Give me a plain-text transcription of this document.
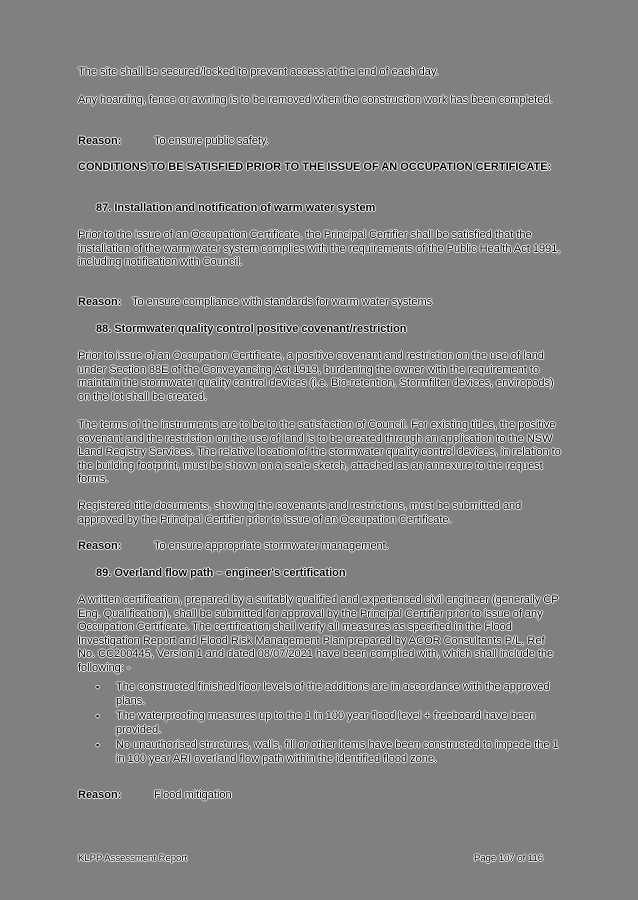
The site shall be secured/locked to prevent access at the end of each day.
Any hoarding, fence or awning is to be removed when the construction work has been completed.
Reason:	To ensure public safety.
CONDITIONS TO BE SATISFIED PRIOR TO THE ISSUE OF AN OCCUPATION CERTIFICATE:
87. Installation and notification of warm water system
Prior to the issue of an Occupation Certificate, the Principal Certifier shall be satisfied that the installation of the warm water system complies with the requirements of the Public Health Act 1991, including notification with Council.
Reason: To ensure compliance with standards for warm water systems
88. Stormwater quality control positive covenant/restriction
Prior to issue of an Occupation Certificate, a positive covenant and restriction on the use of land under Section 88E of the Conveyancing Act 1919, burdening the owner with the requirement to maintain the stormwater quality control devices (i.e. Bio-retention, Stormfilter devices, enviropods) on the lot shall be created.
The terms of the instruments are to be to the satisfaction of Council. For existing titles, the positive covenant and the restriction on the use of land is to be created through an application to the NSW Land Registry Services. The relative location of the stormwater quality control devices, in relation to the building footprint, must be shown on a scale sketch, attached as an annexure to the request forms.
Registered title documents, showing the covenants and restrictions, must be submitted and approved by the Principal Certifier prior to issue of an Occupation Certificate.
Reason:	To ensure appropriate stormwater management.
89. Overland flow path – engineer's certification
A written certification, prepared by a suitably qualified and experienced civil engineer (generally CP Eng. Qualification), shall be submitted for approval by the Principal Certifier prior to issue of any Occupation Certificate. The certification shall verify all measures as specified in the Flood Investigation Report and Flood Risk Management Plan prepared by ACOR Consultants P/L, Ref No. CC200445, Version 1 and dated 08/07/2021 have been complied with, which shall include the following: -
▪	The constructed finished floor levels of the additions are in accordance with the approved plans.
▪	The waterproofing measures up to the 1 in 100 year flood level + freeboard have been provided.
▪	No unauthorised structures, walls, fill or other items have been constructed to impede the 1 in 100 year ARI overland flow path within the identified flood zone.
Reason:	Flood mitigation
KLPP Assessment Report	Page 107 of 116
